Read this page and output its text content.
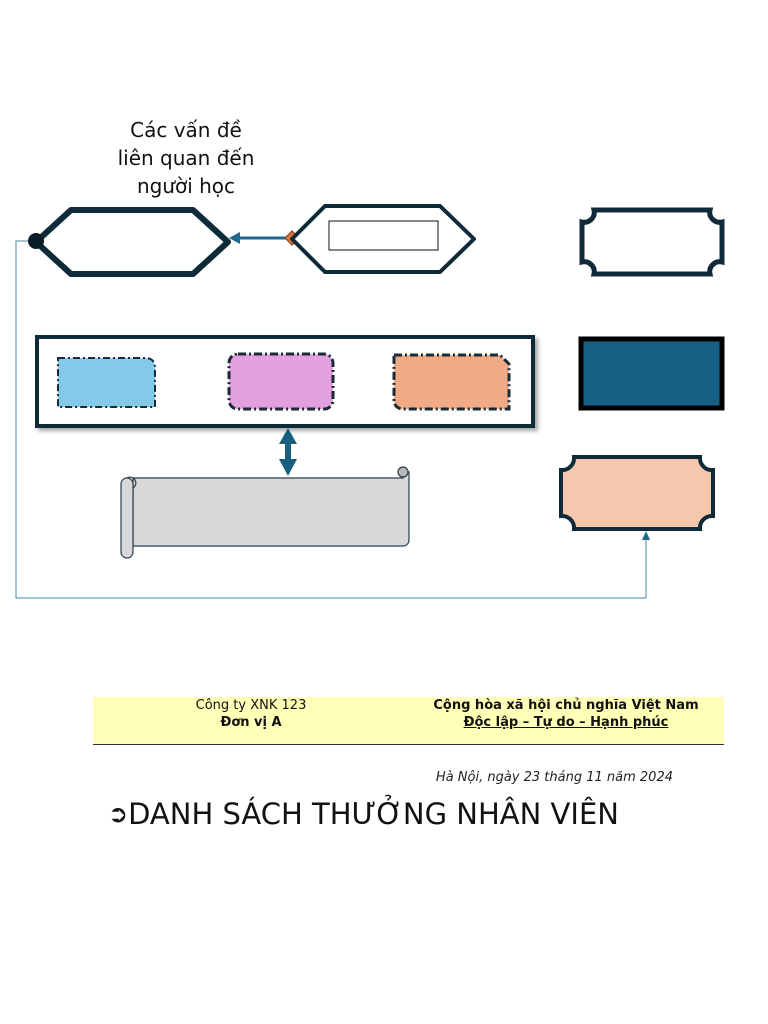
Các vấn đề
liên quan đến
người học
Công ty XNK 123
Đơn vị A
Cộng hòa xã hội chủ nghĩa Việt Nam
Độc lập – Tự do – Hạnh phúc
Hà Nội, ngày 23 tháng 11 năm 2024
➲DANH SÁCH THƯỞNG NHÂN VIÊN
